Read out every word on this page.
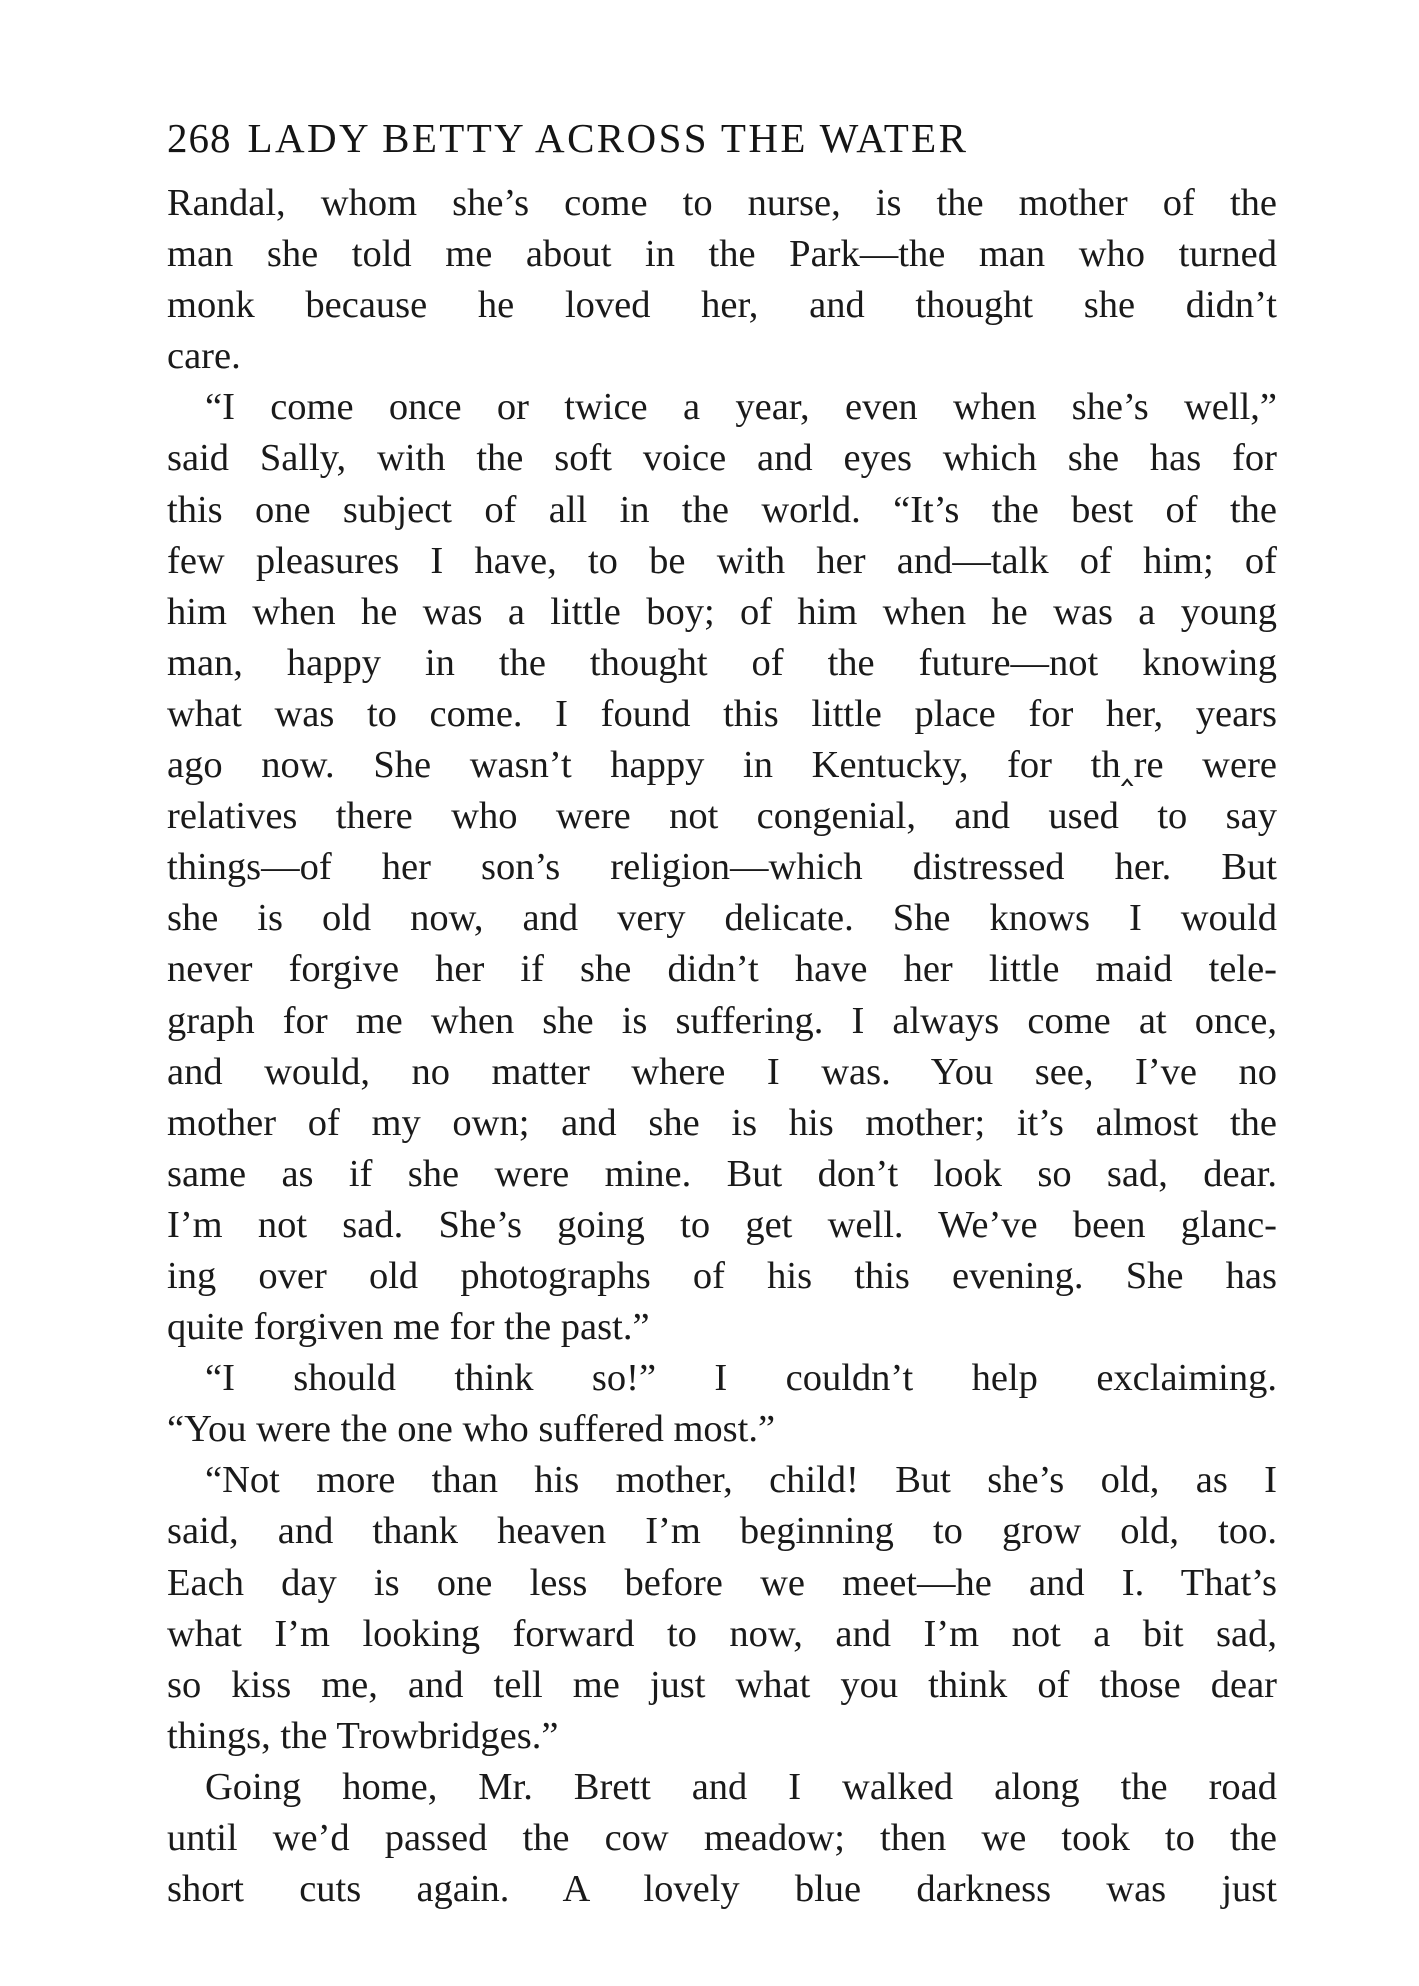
268 LADY BETTY ACROSS THE WATER
Randal, whom she’s come to nurse, is the mother of the
man she told me about in the Park—the man who turned
monk because he loved her, and thought she didn’t
care.
“I come once or twice a year, even when she’s well,”
said Sally, with the soft voice and eyes which she has for
this one subject of all in the world. “It’s the best of the
few pleasures I have, to be with her and—talk of him; of
him when he was a little boy; of him when he was a young
man, happy in the thought of the future—not knowing
what was to come. I found this little place for her, years
ago now. She wasn’t happy in Kentucky, for th‸re were
relatives there who were not congenial, and used to say
things—of her son’s religion—which distressed her. But
she is old now, and very delicate. She knows I would
never forgive her if she didn’t have her little maid tele-
graph for me when she is suffering. I always come at once,
and would, no matter where I was. You see, I’ve no
mother of my own; and she is his mother; it’s almost the
same as if she were mine. But don’t look so sad, dear.
I’m not sad. She’s going to get well. We’ve been glanc-
ing over old photographs of his this evening. She has
quite forgiven me for the past.”
“I should think so!” I couldn’t help exclaiming.
“You were the one who suffered most.”
“Not more than his mother, child! But she’s old, as I
said, and thank heaven I’m beginning to grow old, too.
Each day is one less before we meet—he and I. That’s
what I’m looking forward to now, and I’m not a bit sad,
so kiss me, and tell me just what you think of those dear
things, the Trowbridges.”
Going home, Mr. Brett and I walked along the road
until we’d passed the cow meadow; then we took to the
short cuts again. A lovely blue darkness was just
